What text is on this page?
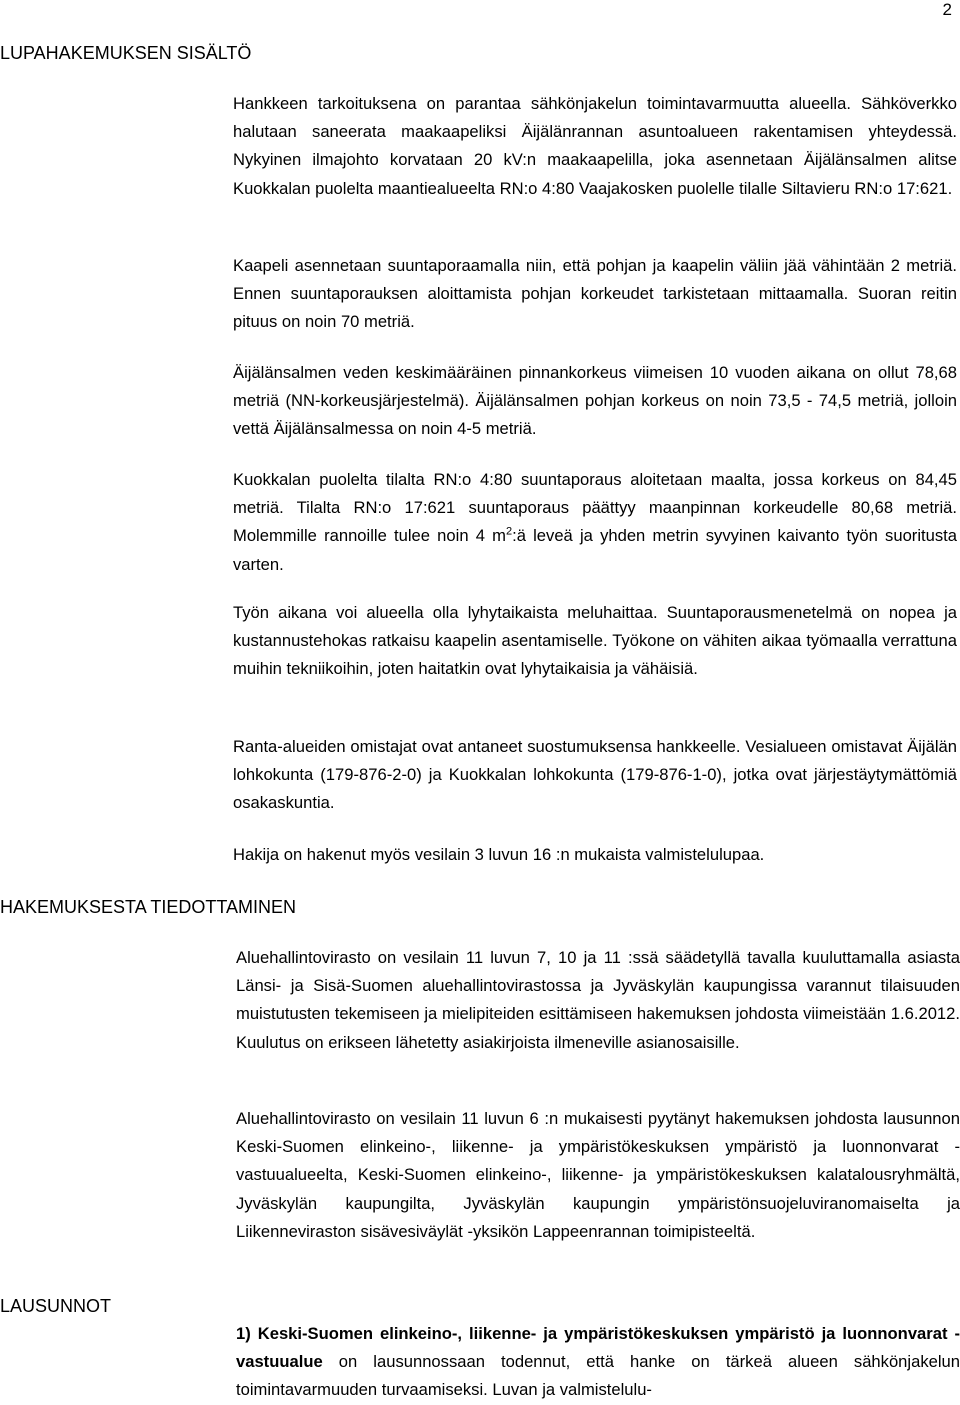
2
LUPAHAKEMUKSEN SISÄLTÖ

Hankkeen tarkoituksena on parantaa sähkönjakelun toimintavarmuutta alueella. Sähköverkko halutaan saneerata maakaapeliksi Äijälänrannan asuntoalueen rakentamisen yhteydessä. Nykyinen ilmajohto korvataan 20 kV:n maakaapelilla, joka asennetaan Äijälänsalmen alitse Kuokkalan puolelta maantiealueelta RN:o 4:80 Vaajakosken puolelle tilalle Siltavieru RN:o 17:621.

Kaapeli asennetaan suuntaporaamalla niin, että pohjan ja kaapelin väliin jää vähintään 2 metriä. Ennen suuntaporauksen aloittamista pohjan korkeudet tarkistetaan mittaamalla. Suoran reitin pituus on noin 70 metriä.

Äijälänsalmen veden keskimääräinen pinnankorkeus viimeisen 10 vuoden aikana on ollut 78,68 metriä (NN-korkeusjärjestelmä). Äijälänsalmen pohjan korkeus on noin 73,5 - 74,5 metriä, jolloin vettä Äijälänsalmessa on noin 4-5 metriä.

Kuokkalan puolelta tilalta RN:o 4:80 suuntaporaus aloitetaan maalta, jossa korkeus on 84,45 metriä. Tilalta RN:o 17:621 suuntaporaus päättyy maanpinnan korkeudelle 80,68 metriä. Molemmille rannoille tulee noin 4 $m^2:ä$ leveä ja yhden metrin syvyinen kaivanto työn suoritusta varten.

Työn aikana voi alueella olla lyhytaikaista meluhaittaa. Suuntaporausmenetelmä on nopea ja kustannustehokas ratkaisu kaapelin asentamiselle. Työkone on vähiten aikaa työmaalla verrattuna muihin tekniikoihin, joten haitatkin ovat lyhytaikaisia ja vähäisiä.

Ranta-alueiden omistajat ovat antaneet suostumuksensa hankkeelle. Vesialueen omistavat Äijälän lohkokunta (179-876-2-0) ja Kuokkalan lohkokunta (179-876-1-0), jotka ovat järjestäytymättömiä osakaskuntia.

Hakija on hakenut myös vesilain 3 luvun 16 :n mukaista valmistelulupaa.

HAKEMUKSESTA TIEDOTTAMINEN

Aluehallintovirasto on vesilain 11 luvun 7, 10 ja 11 :ssä säädetyllä tavalla kuuluttamalla asiasta Länsi- ja Sisä-Suomen aluehallintovirastossa ja Jyväskylän kaupungissa varannut tilaisuuden muistutusten tekemiseen ja mielipiteiden esittämiseen hakemuksen johdosta viimeistään 1.6.2012. Kuulutus on erikseen lähetetty asiakirjoista ilmeneville asianosaisille.

Aluehallintovirasto on vesilain 11 luvun 6 :n mukaisesti pyytänyt hakemuksen johdosta lausunnon Keski-Suomen elinkeino-, liikenne- ja ympäristökeskuksen ympäristö ja luonnonvarat -vastuualueelta, Keski-Suomen elinkeino-, liikenne- ja ympäristökeskuksen kalatalousryhmältä, Jyväskylän kaupungilta, Jyväskylän kaupungin ympäristönsuojeluviranomaiselta ja Liikenneviraston sisävesiväylät -yksikön Lappeenrannan toimipisteeltä.

LAUSUNNOT

1) Keski-Suomen elinkeino-, liikenne- ja ympäristökeskuksen ympäristö ja luonnonvarat -vastuualue on lausunnossaan todennut, että hanke on tärkeä alueen sähkönjakelun toimintavarmuuden turvaamiseksi. Luvan ja valmistelulu-
